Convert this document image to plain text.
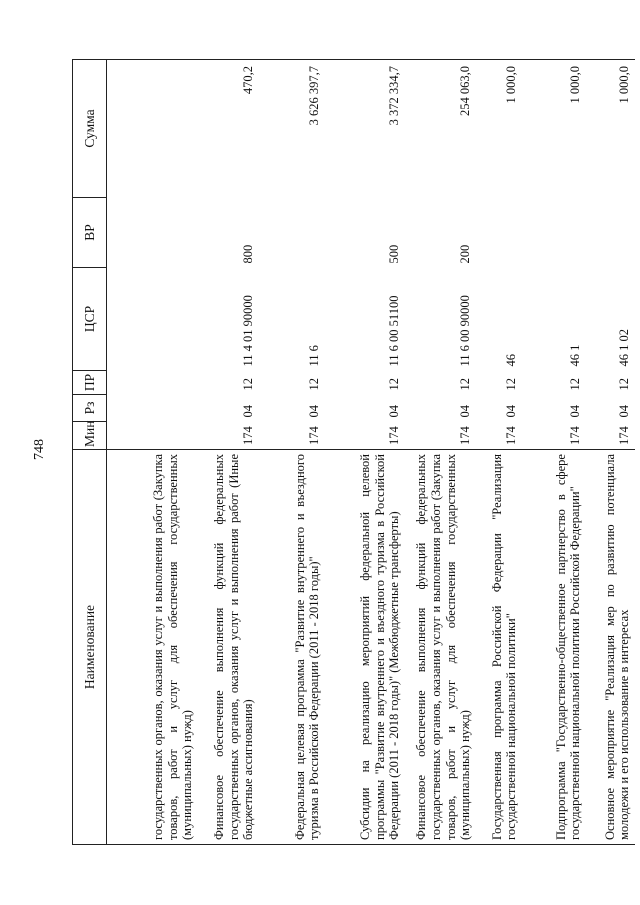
748
Наименование	Мин	Рз	ПР	ЦСР	ВР	Сумма
государственных органов, оказания услуг и выполнения работ (Закупка товаров, работ и услуг для обеспечения государственных (муниципальных) нужд)						
Финансовое обеспечение выполнения функций федеральных государственных органов, оказания услуг и выполнения работ (Иные бюджетные ассигнования)	174	04	12	11 4 01 90000	800	470,2
Федеральная целевая программа "Развитие внутреннего и въездного туризма в Российской Федерации (2011 - 2018 годы)"	174	04	12	11 6		3 626 397,7
Субсидии на реализацию мероприятий федеральной целевой программы "Развитие внутреннего и въездного туризма в Российской Федерации (2011 - 2018 годы)" (Межбюджетные трансферты)	174	04	12	11 6 00 51100	500	3 372 334,7
Финансовое обеспечение выполнения функций федеральных государственных органов, оказания услуг и выполнения работ (Закупка товаров, работ и услуг для обеспечения государственных (муниципальных) нужд)	174	04	12	11 6 00 90000	200	254 063,0
Государственная программа Российской Федерации "Реализация государственной национальной политики"	174	04	12	46		1 000,0
Подпрограмма "Государственно-общественное партнерство в сфере государственной национальной политики Российской Федерации"	174	04	12	46 1		1 000,0
Основное мероприятие "Реализация мер по развитию потенциала молодежи и его использование в интересах	174	04	12	46 1 02		1 000,0
